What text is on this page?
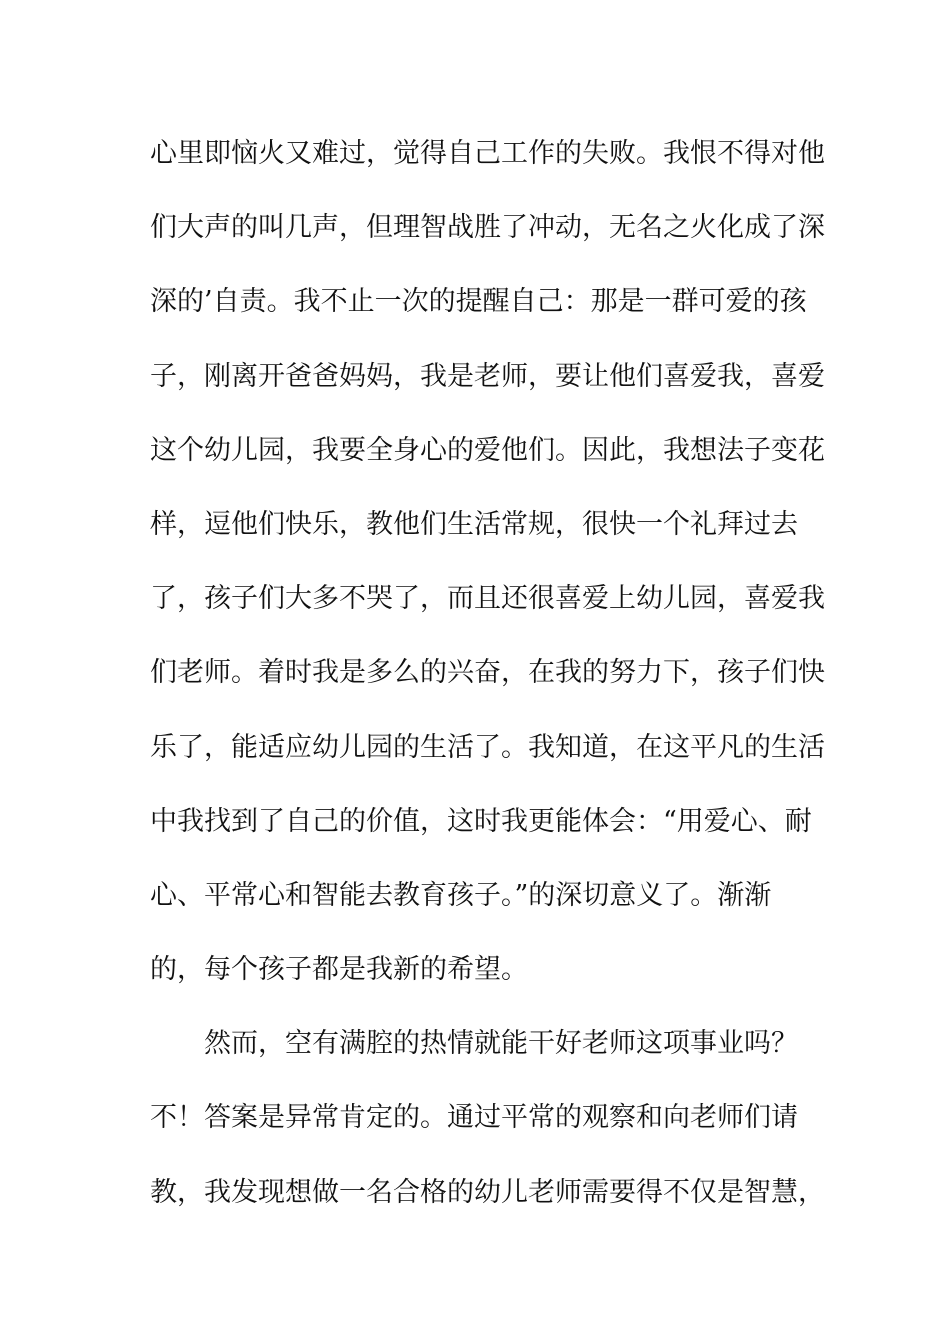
心里即恼火又难过，觉得自己工作的失败。我恨不得对他
们大声的叫几声，但理智战胜了冲动，无名之火化成了深
深的’自责。我不止一次的提醒自己：那是一群可爱的孩
子，刚离开爸爸妈妈，我是老师，要让他们喜爱我，喜爱
这个幼儿园，我要全身心的爱他们。因此，我想法子变花
样，逗他们快乐，教他们生活常规，很快一个礼拜过去
了，孩子们大多不哭了，而且还很喜爱上幼儿园，喜爱我
们老师。着时我是多么的兴奋，在我的努力下，孩子们快
乐了，能适应幼儿园的生活了。我知道，在这平凡的生活
中我找到了自己的价值，这时我更能体会：“用爱心、耐
心、平常心和智能去教育孩子。”的深切意义了。渐渐
的，每个孩子都是我新的希望。
然而，空有满腔的热情就能干好老师这项事业吗？
不！答案是异常肯定的。通过平常的观察和向老师们请
教，我发现想做一名合格的幼儿老师需要得不仅是智慧，
